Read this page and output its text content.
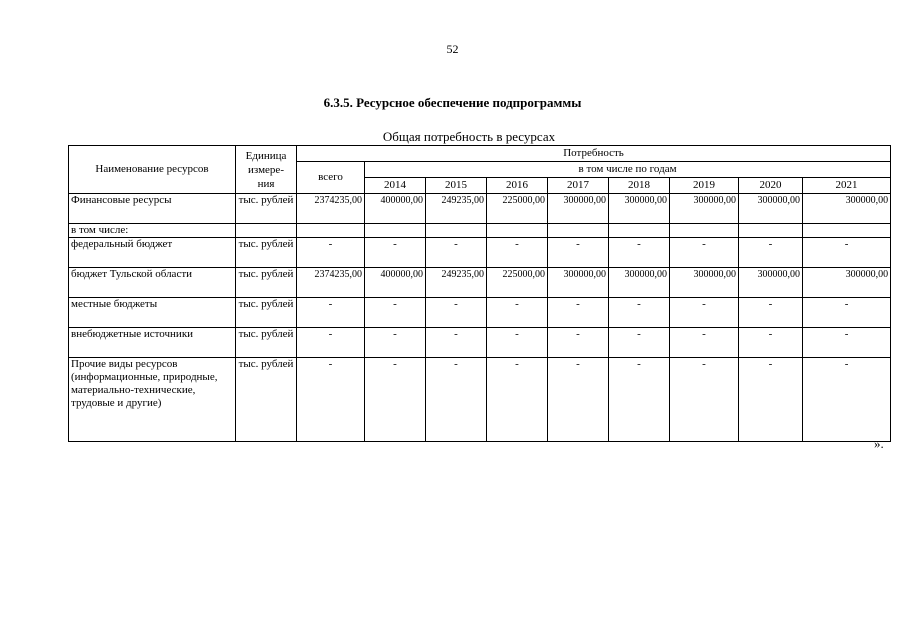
52
6.3.5. Ресурсное обеспечение подпрограммы
Общая потребность в ресурсах
Наименование ресурсов	Единица
измере-
ния	Потребность								
		всего	в том числе по годам							
			2014	2015	2016	2017	2018	2019	2020	2021
Финансовые ресурсы	тыс. рублей	2374235,00	400000,00	249235,00	225000,00	300000,00	300000,00	300000,00	300000,00	300000,00
в том числе:										
федеральный бюджет	тыс. рублей	-	-	-	-	-	-	-	-	-
бюджет Тульской области	тыс. рублей	2374235,00	400000,00	249235,00	225000,00	300000,00	300000,00	300000,00	300000,00	300000,00
местные бюджеты	тыс. рублей	-	-	-	-	-	-	-	-	-
внебюджетные источники	тыс. рублей	-	-	-	-	-	-	-	-	-
Прочие виды ресурсов (информационные, природные, материально-технические, трудовые и другие)	тыс. рублей	-	-	-	-	-	-	-	-	-
».
